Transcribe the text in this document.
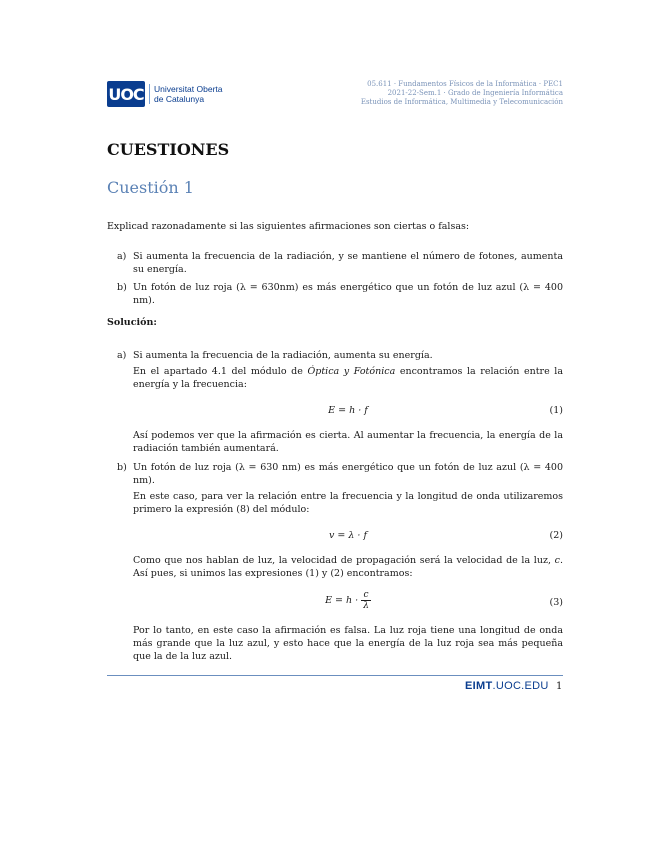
UOC Universitat Oberta
de Catalunya
05.611 · Fundamentos Físicos de la Informática · PEC1
2021-22-Sem.1 · Grado de Ingeniería Informática
Estudios de Informática, Multimedia y Telecomunicación
CUESTIONES
Cuestión 1
Explicad razonadamente si las siguientes afirmaciones son ciertas o falsas:
a) Si aumenta la frecuencia de la radiación, y se mantiene el número de fotones, aumenta su energía.
b) Un fotón de luz roja (λ = 630nm) es más energético que un fotón de luz azul (λ = 400 nm).
Solución:
a) Si aumenta la frecuencia de la radiación, aumenta su energía.
En el apartado 4.1 del módulo de Óptica y Fotónica encontramos la relación entre la energía y la frecuencia:
E = h · f	(1)
Así podemos ver que la afirmación es cierta. Al aumentar la frecuencia, la energía de la radiación también aumentará.
b) Un fotón de luz roja (λ = 630 nm) es más energético que un fotón de luz azul (λ = 400 nm).
En este caso, para ver la relación entre la frecuencia y la longitud de onda utilizaremos primero la expresión (8) del módulo:
v = λ · f	(2)
Como que nos hablan de luz, la velocidad de propagación será la velocidad de la luz, c. Así pues, si unimos las expresiones (1) y (2) encontramos:
$E = h \cdot \frac{c}{\lambda}$	(3)
Por lo tanto, en este caso la afirmación es falsa. La luz roja tiene una longitud de onda más grande que la luz azul, y esto hace que la energía de la luz roja sea más pequeña que la de la luz azul.
EIMT.UOC.EDU 1
